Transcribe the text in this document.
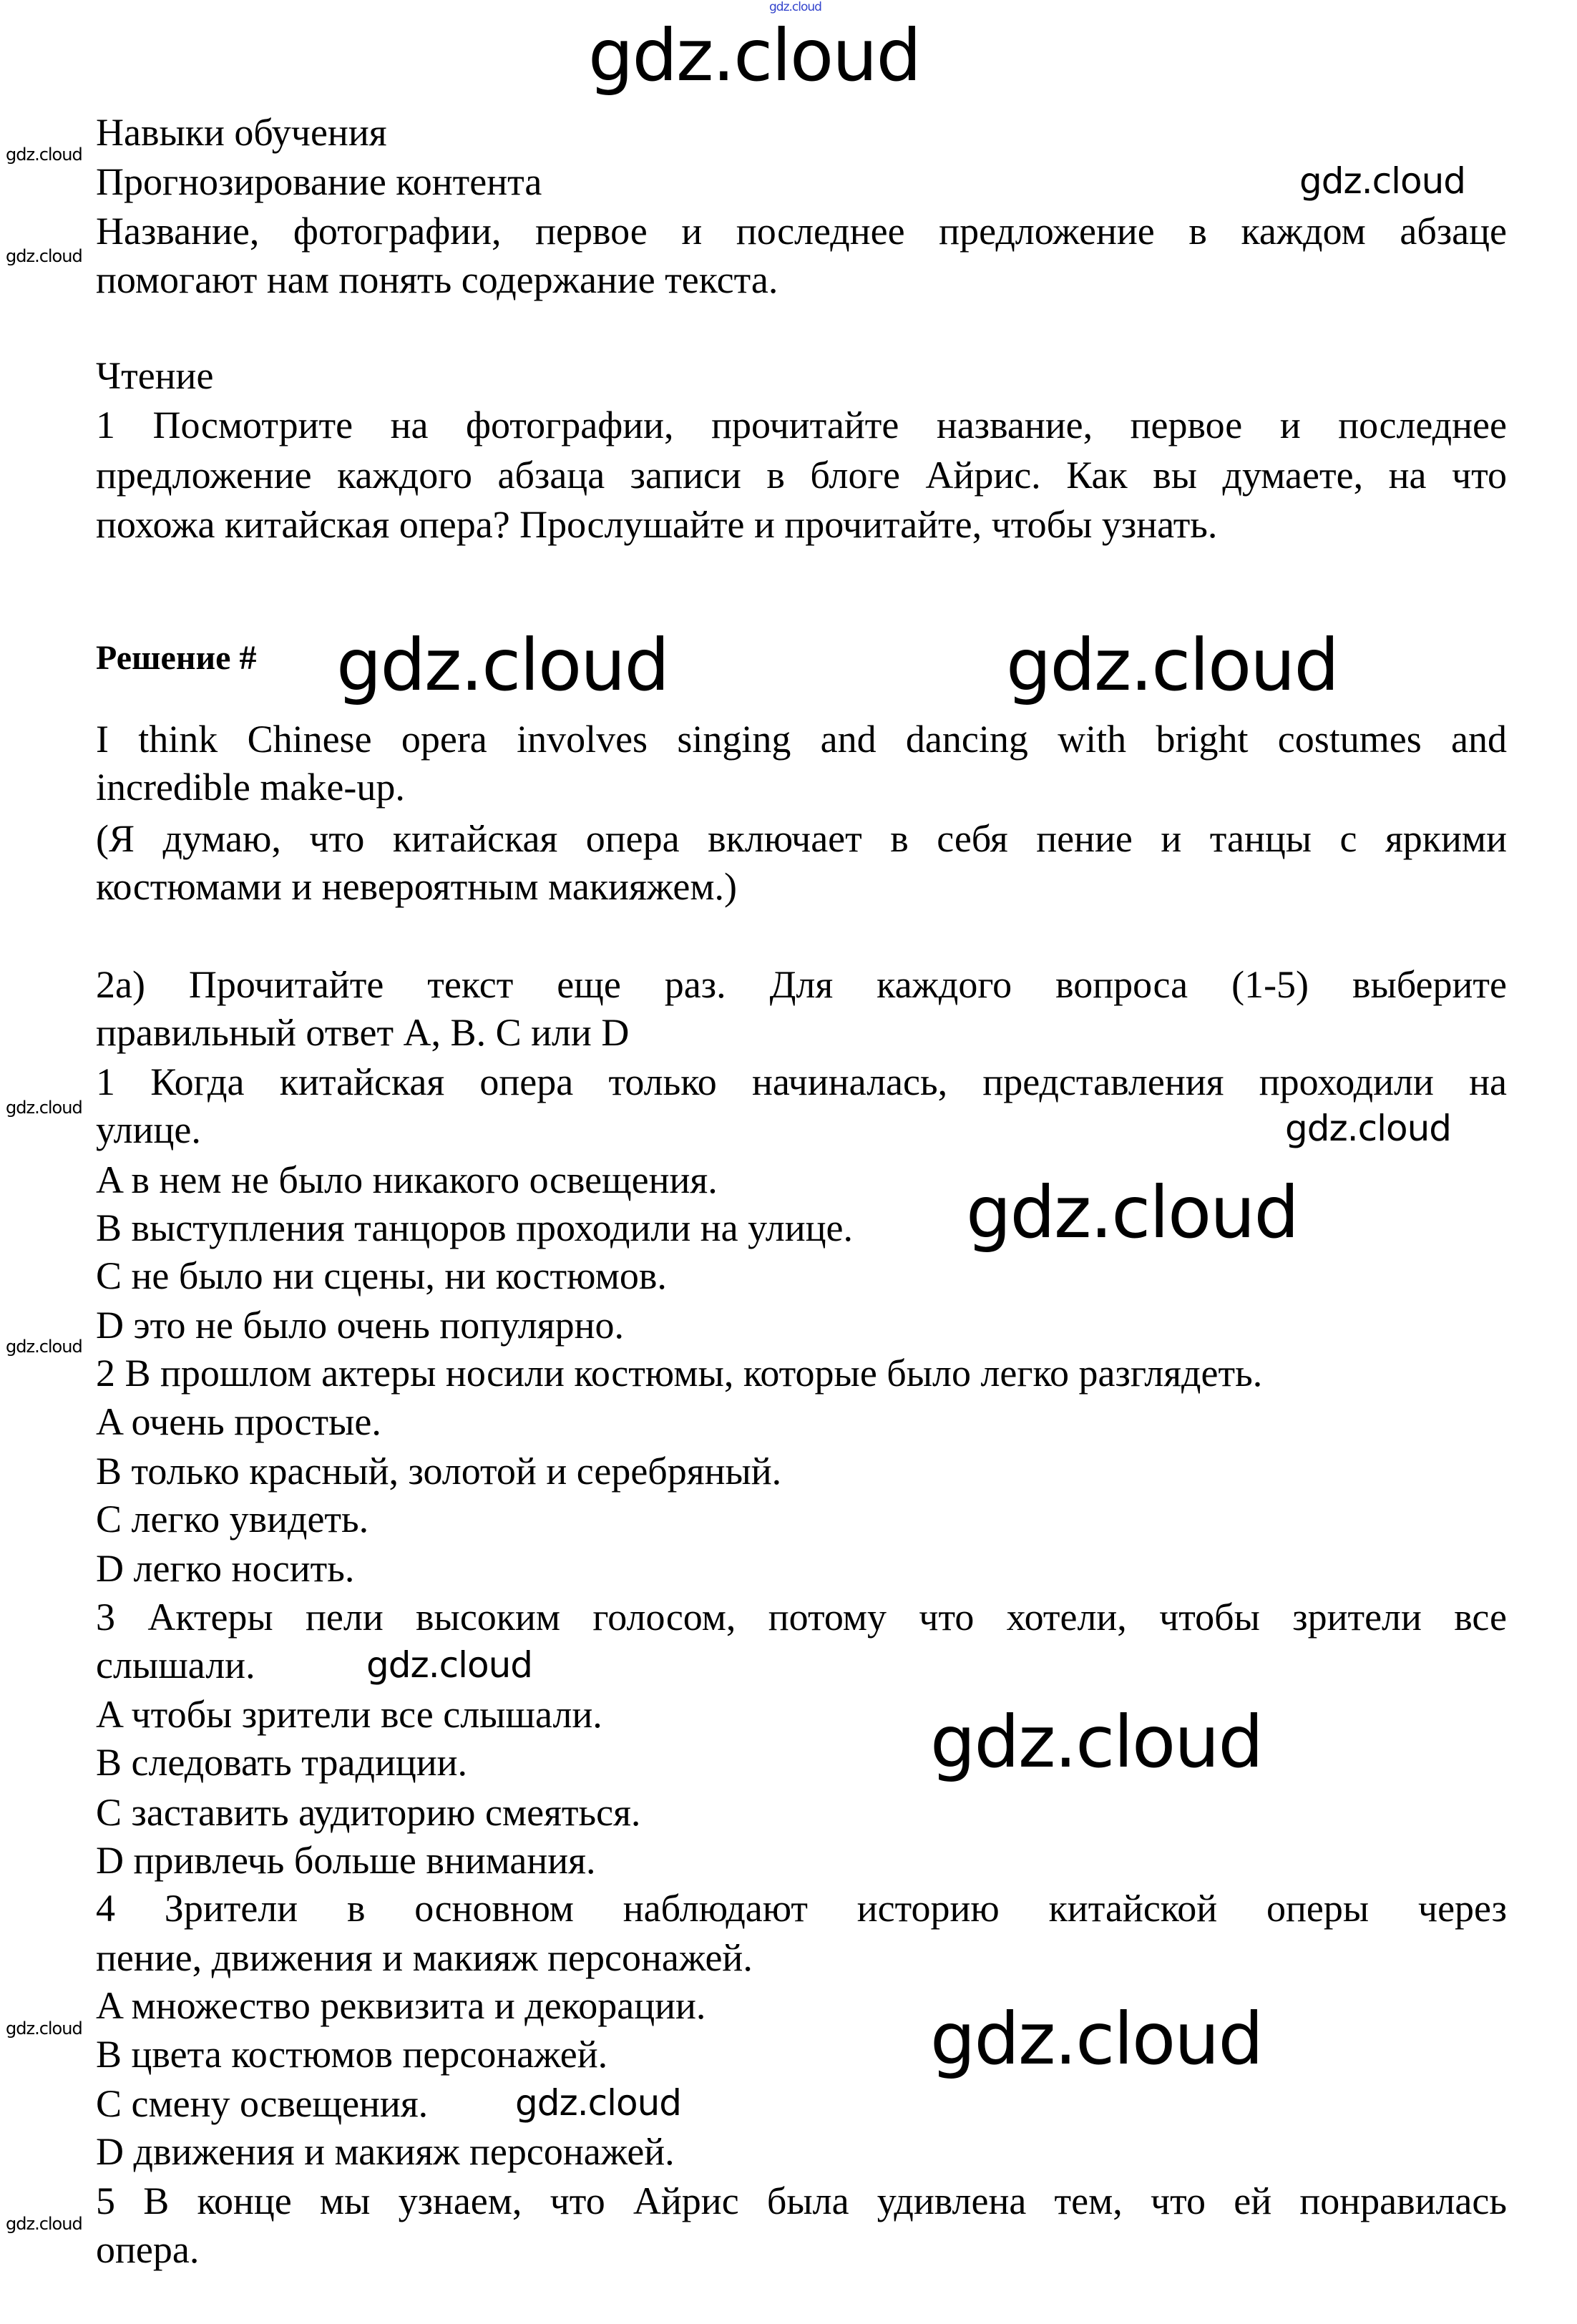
Навыки обучения
Прогнозирование контента
Название, фотографии, первое и последнее предложение в каждом абзаце
помогают нам понять содержание текста.
Чтение
1 Посмотрите на фотографии, прочитайте название, первое и последнее
предложение каждого абзаца записи в блоге Айрис. Как вы думаете, на что
похожа китайская опера? Прослушайте и прочитайте, чтобы узнать.
Решение #
I think Chinese opera involves singing and dancing with bright costumes and
incredible make-up.
(Я думаю, что китайская опера включает в себя пение и танцы с яркими
костюмами и невероятным макияжем.)
2a) Прочитайте текст еще раз. Для каждого вопроса (1-5) выберите
правильный ответ A, B. C или D
1 Когда китайская опера только начиналась, представления проходили на
улице.
A в нем не было никакого освещения.
B выступления танцоров проходили на улице.
C не было ни сцены, ни костюмов.
D это не было очень популярно.
2 В прошлом актеры носили костюмы, которые было легко разглядеть.
A очень простые.
B только красный, золотой и серебряный.
C легко увидеть.
D легко носить.
3 Актеры пели высоким голосом, потому что хотели, чтобы зрители все
слышали.
A чтобы зрители все слышали.
B следовать традиции.
C заставить аудиторию смеяться.
D привлечь больше внимания.
4 Зрители в основном наблюдают историю китайской оперы через
пение, движения и макияж персонажей.
A множество реквизита и декорации.
B цвета костюмов персонажей.
C смену освещения.
D движения и макияж персонажей.
5 В конце мы узнаем, что Айрис была удивлена тем, что ей понравилась
опера.
gdz.cloud
gdz.cloud
gdz.cloud
gdz.cloud
gdz.cloud
gdz.cloud
gdz.cloud
gdz.cloud
gdz.cloud	gdz.cloud
gdz.cloud
gdz.cloud
gdz.cloud
gdz.cloud
gdz.cloud
gdz.cloud
gdz.cloud
